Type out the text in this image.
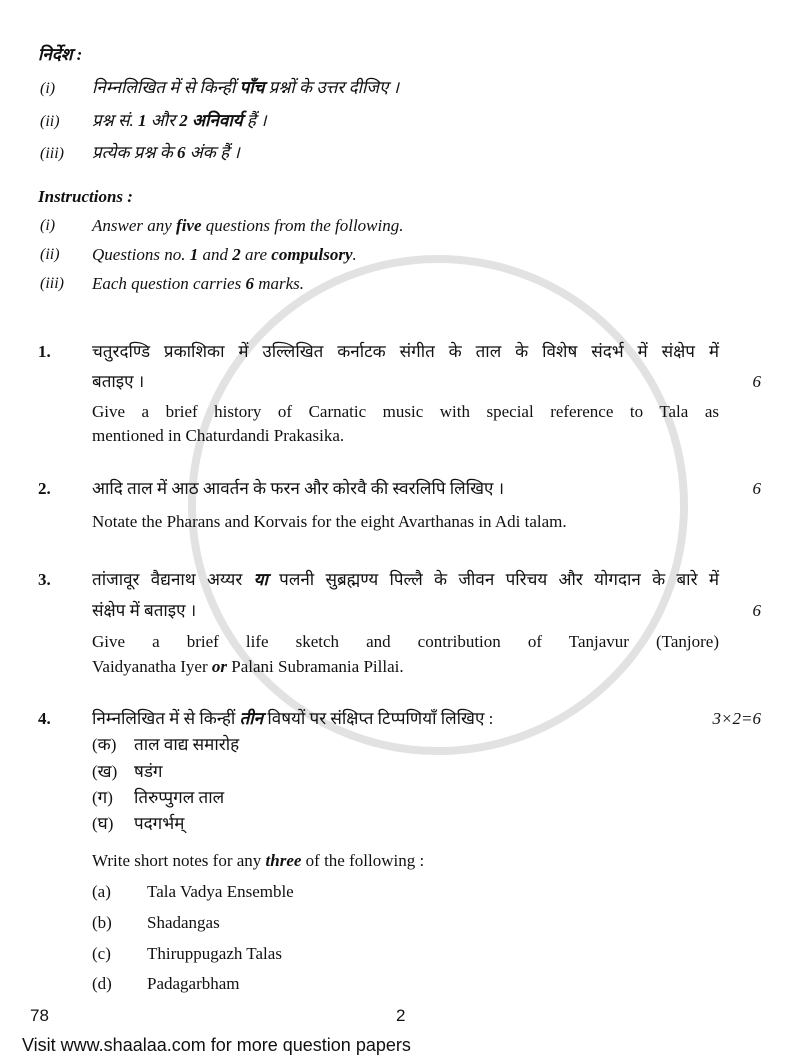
निर्देश :
(i) निम्नलिखित में से किन्हीं पाँच प्रश्नों के उत्तर दीजिए ।
(ii) प्रश्न सं. 1 और 2 अनिवार्य हैं ।
(iii) प्रत्येक प्रश्न के 6 अंक हैं ।
Instructions :
(i) Answer any five questions from the following.
(ii) Questions no. 1 and 2 are compulsory.
(iii) Each question carries 6 marks.
1. चतुरदण्डि प्रकाशिका में उल्लिखित कर्नाटक संगीत के ताल के विशेष संदर्भ में संक्षेप में
बताइए ।	6
Give a brief history of Carnatic music with special reference to Tala as
mentioned in Chaturdandi Prakasika.
2. आदि ताल में आठ आवर्तन के फरन और कोरवै की स्वरलिपि लिखिए ।	6
Notate the Pharans and Korvais for the eight Avarthanas in Adi talam.
3. तांजावूर वैद्यनाथ अय्यर या पलनी सुब्रह्मण्य पिल्लै के जीवन परिचय और योगदान के बारे में
संक्षेप में बताइए ।	6
Give a brief life sketch and contribution of Tanjavur (Tanjore)
Vaidyanatha Iyer or Palani Subramania Pillai.
4. निम्नलिखित में से किन्हीं तीन विषयों पर संक्षिप्त टिप्पणियाँ लिखिए :	3×2=6
(क) ताल वाद्य समारोह
(ख) षडंग
(ग) तिरुप्पुगल ताल
(घ) पदगर्भम्
Write short notes for any three of the following :
(a) Tala Vadya Ensemble
(b) Shadangas
(c) Thiruppugazh Talas
(d) Padagarbham
78	2
Visit www.shaalaa.com for more question papers
